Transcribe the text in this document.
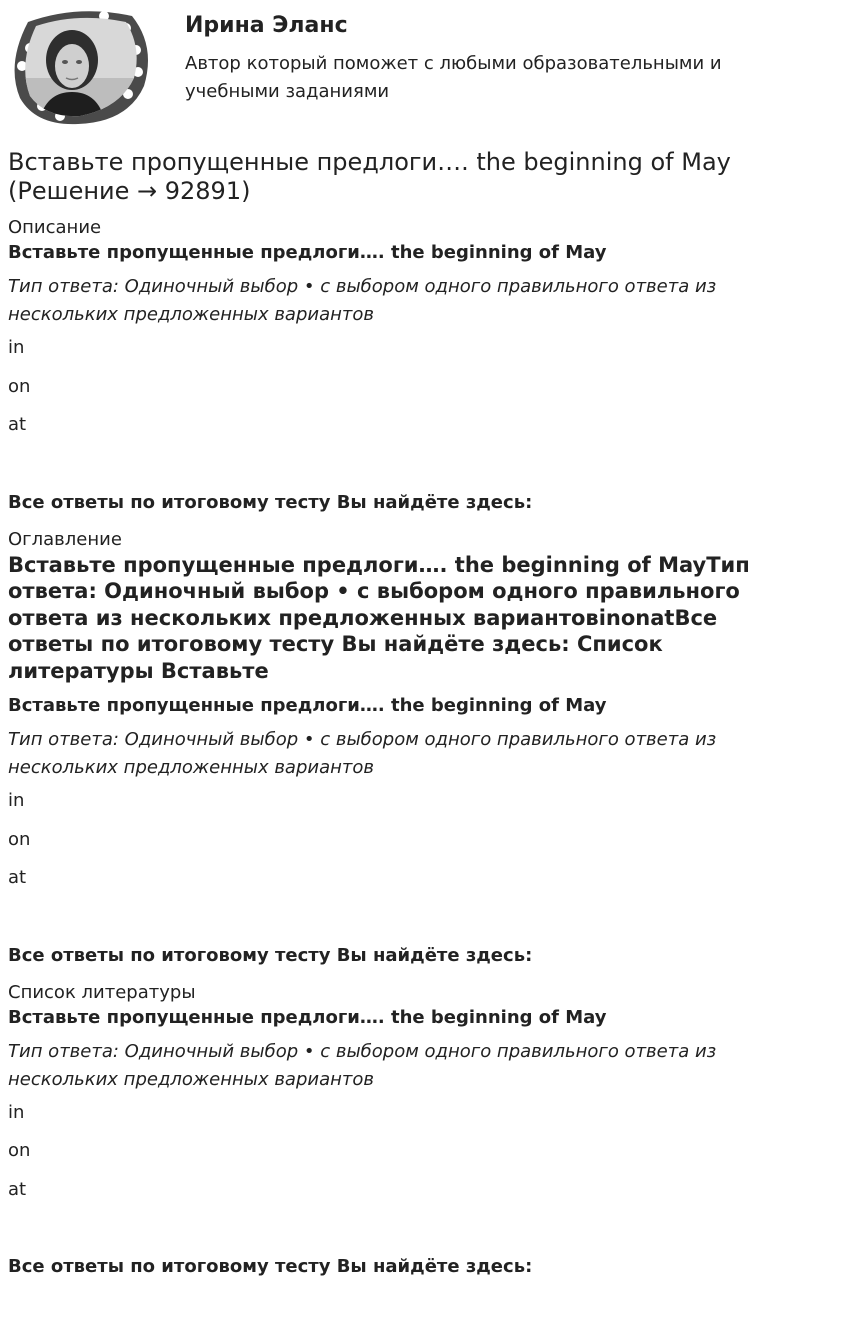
Ирина Эланс

Автор который поможет с любыми образовательными и учебными заданиями

Вставьте пропущенные предлоги…. the beginning of May (Решение → 92891)
Описание
Вставьте пропущенные предлоги…. the beginning of May
Тип ответа: Одиночный выбор • с выбором одного правильного ответа из нескольких предложенных вариантов
in
on
at
Все ответы по итоговому тесту Вы найдёте здесь:
Оглавление
Вставьте пропущенные предлоги…. the beginning of MayТип ответа: Одиночный выбор • с выбором одного правильного ответа из нескольких предложенных вариантовinonatВсе ответы по итоговому тесту Вы найдёте здесь: Список литературы Вставьте
Вставьте пропущенные предлоги…. the beginning of May
Тип ответа: Одиночный выбор • с выбором одного правильного ответа из нескольких предложенных вариантов
in
on
at
Все ответы по итоговому тесту Вы найдёте здесь:
Список литературы
Вставьте пропущенные предлоги…. the beginning of May
Тип ответа: Одиночный выбор • с выбором одного правильного ответа из нескольких предложенных вариантов
in
on
at
Все ответы по итоговому тесту Вы найдёте здесь:
